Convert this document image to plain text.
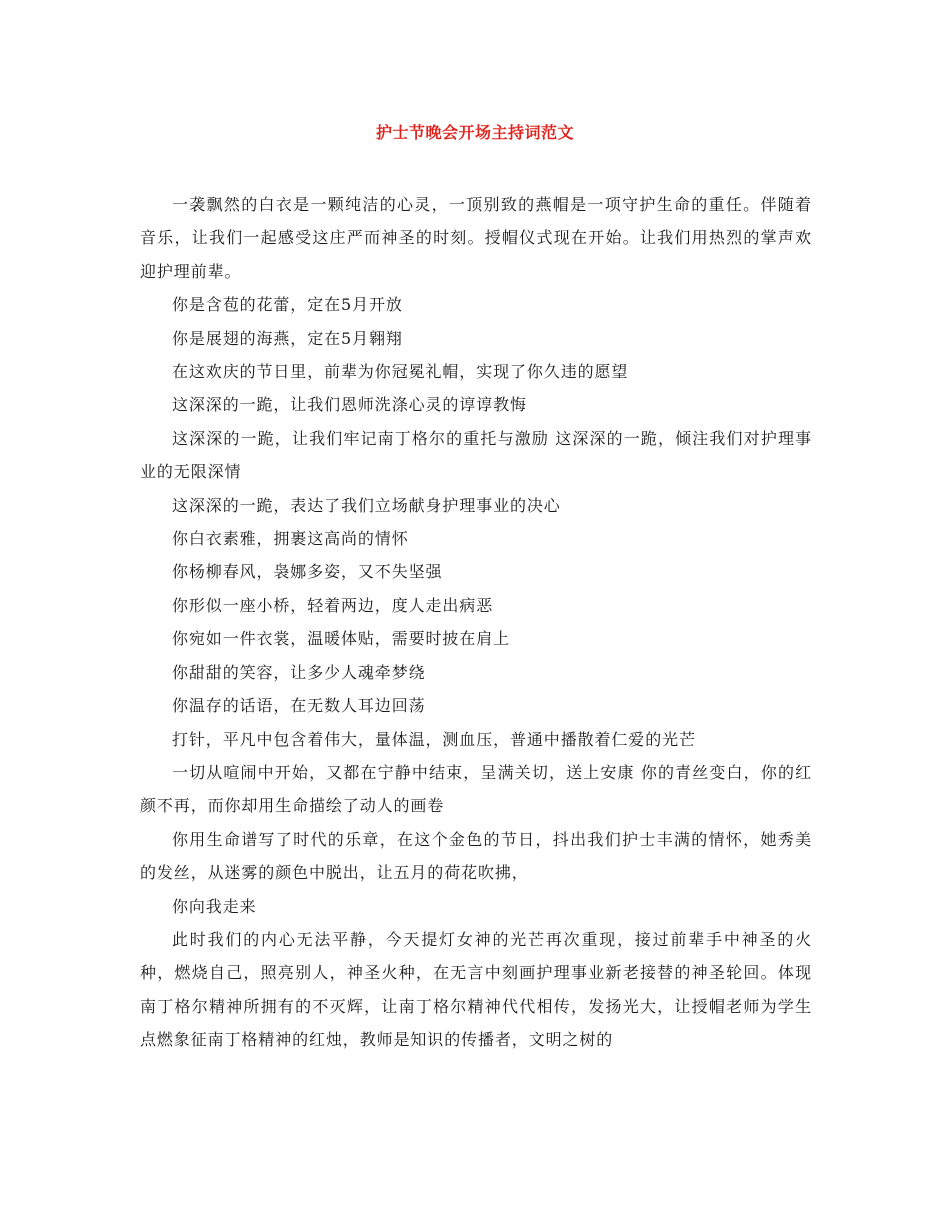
护士节晚会开场主持词范文

一袭飘然的白衣是一颗纯洁的心灵，一顶别致的燕帽是一项守护生命的重任。伴随着音乐，让我们一起感受这庄严而神圣的时刻。授帽仪式现在开始。让我们用热烈的掌声欢迎护理前辈。

你是含苞的花蕾，定在5月开放

你是展翅的海燕，定在5月翱翔

在这欢庆的节日里，前辈为你冠冕礼帽，实现了你久违的愿望

这深深的一跪，让我们恩师洗涤心灵的谆谆教悔

这深深的一跪，让我们牢记南丁格尔的重托与激励 这深深的一跪，倾注我们对护理事业的无限深情

这深深的一跪，表达了我们立场献身护理事业的决心

你白衣素雅，拥裹这高尚的情怀

你杨柳春风，袅娜多姿，又不失坚强

你形似一座小桥，轻着两边，度人走出病恶

你宛如一件衣裳，温暖体贴，需要时披在肩上

你甜甜的笑容，让多少人魂牵梦绕

你温存的话语，在无数人耳边回荡

打针，平凡中包含着伟大，量体温，测血压，普通中播散着仁爱的光芒

一切从喧闹中开始，又都在宁静中结束，呈满关切，送上安康 你的青丝变白，你的红颜不再，而你却用生命描绘了动人的画卷

你用生命谱写了时代的乐章，在这个金色的节日，抖出我们护士丰满的情怀，她秀美的发丝，从迷雾的颜色中脱出，让五月的荷花吹拂，

你向我走来

此时我们的内心无法平静，今天提灯女神的光芒再次重现，接过前辈手中神圣的火种，燃烧自己，照亮别人，神圣火种，在无言中刻画护理事业新老接替的神圣轮回。体现南丁格尔精神所拥有的不灭辉，让南丁格尔精神代代相传，发扬光大，让授帽老师为学生点燃象征南丁格精神的红烛，教师是知识的传播者，文明之树的
